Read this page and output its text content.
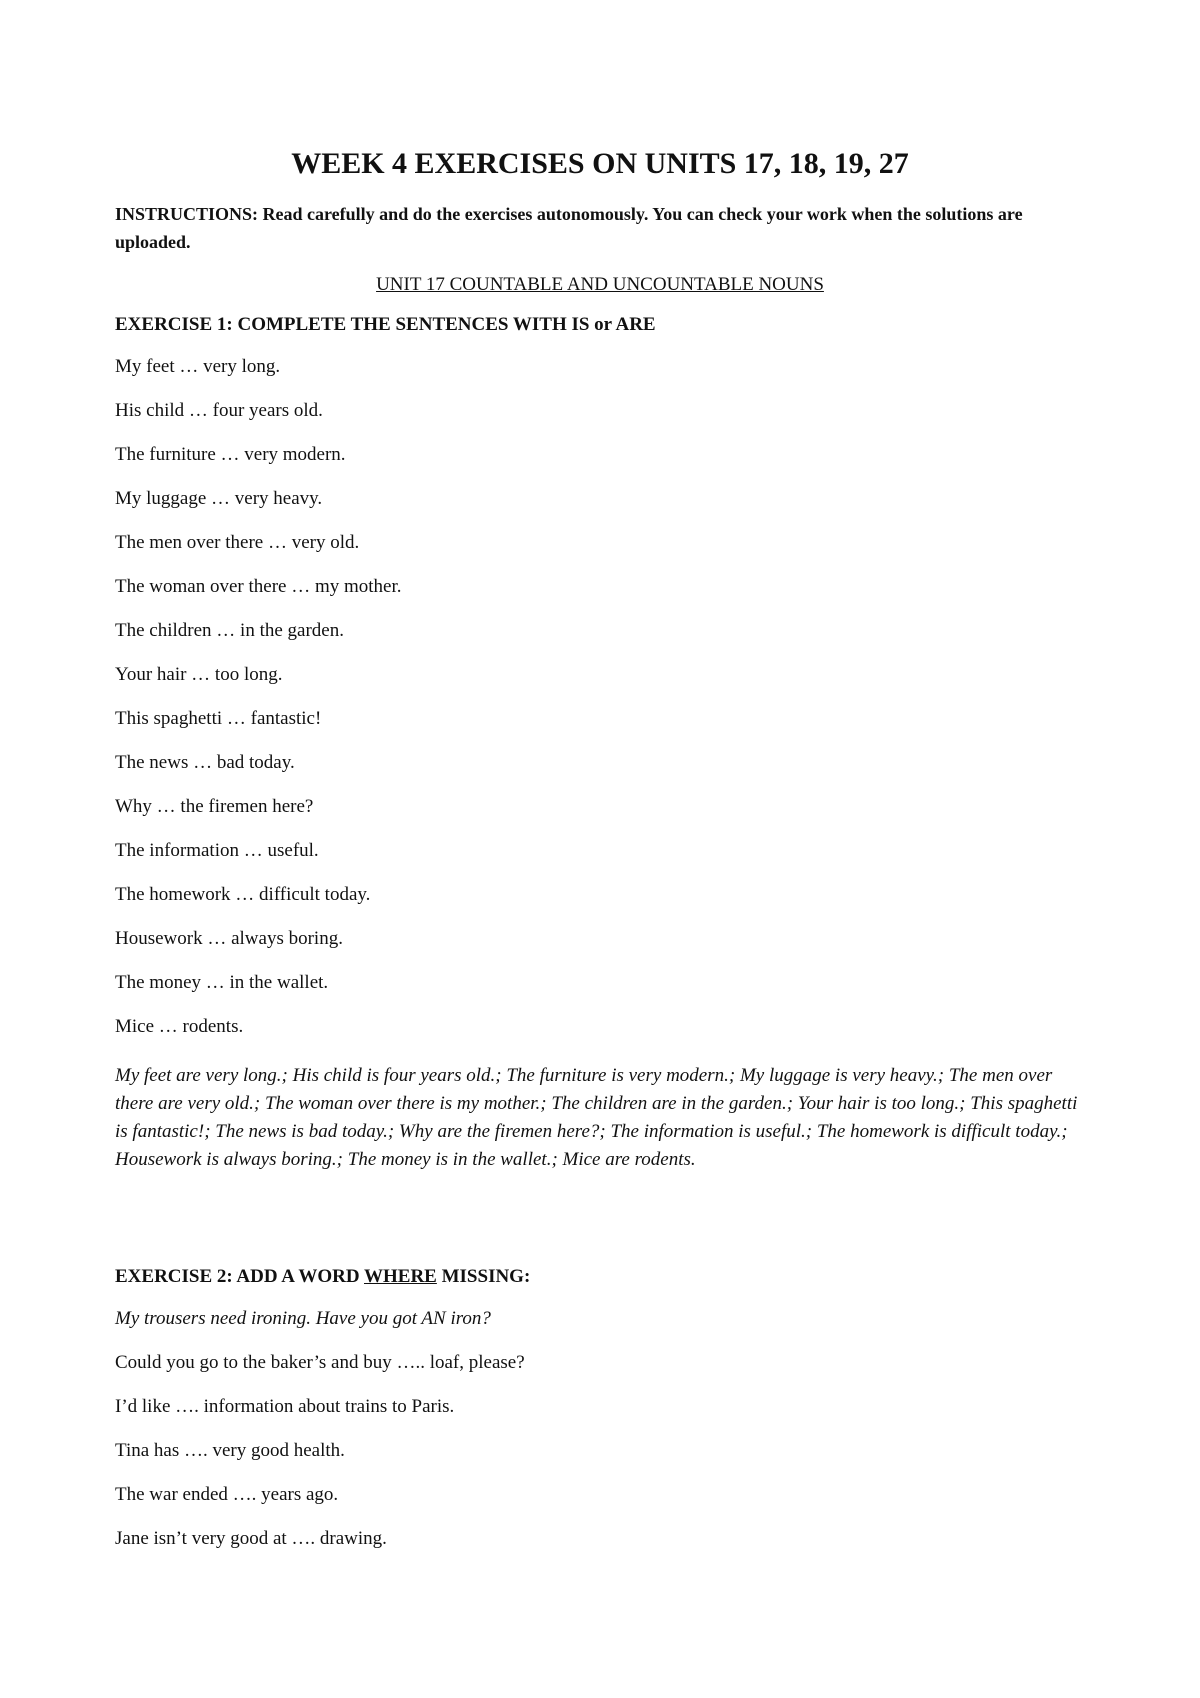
WEEK 4 EXERCISES ON UNITS 17, 18, 19, 27
INSTRUCTIONS: Read carefully and do the exercises autonomously. You can check your work when the solutions are uploaded.
UNIT 17 COUNTABLE AND UNCOUNTABLE NOUNS
EXERCISE 1: COMPLETE THE SENTENCES WITH IS or ARE
My feet … very long.
His child … four years old.
The furniture … very modern.
My luggage … very heavy.
The men over there … very old.
The woman over there … my mother.
The children … in the garden.
Your hair … too long.
This spaghetti … fantastic!
The news … bad today.
Why … the firemen here?
The information … useful.
The homework … difficult today.
Housework … always boring.
The money … in the wallet.
Mice … rodents.
My feet are very long.; His child is four years old.; The furniture is very modern.; My luggage is very heavy.; The men over there are very old.; The woman over there is my mother.; The children are in the garden.; Your hair is too long.; This spaghetti is fantastic!; The news is bad today.; Why are the firemen here?; The information is useful.; The homework is difficult today.; Housework is always boring.; The money is in the wallet.; Mice are rodents.
EXERCISE 2: ADD A WORD WHERE MISSING:
My trousers need ironing. Have you got AN iron?
Could you go to the baker’s and buy ….. loaf, please?
I’d like …. information about trains to Paris.
Tina has …. very good health.
The war ended …. years ago.
Jane isn’t very good at …. drawing.
